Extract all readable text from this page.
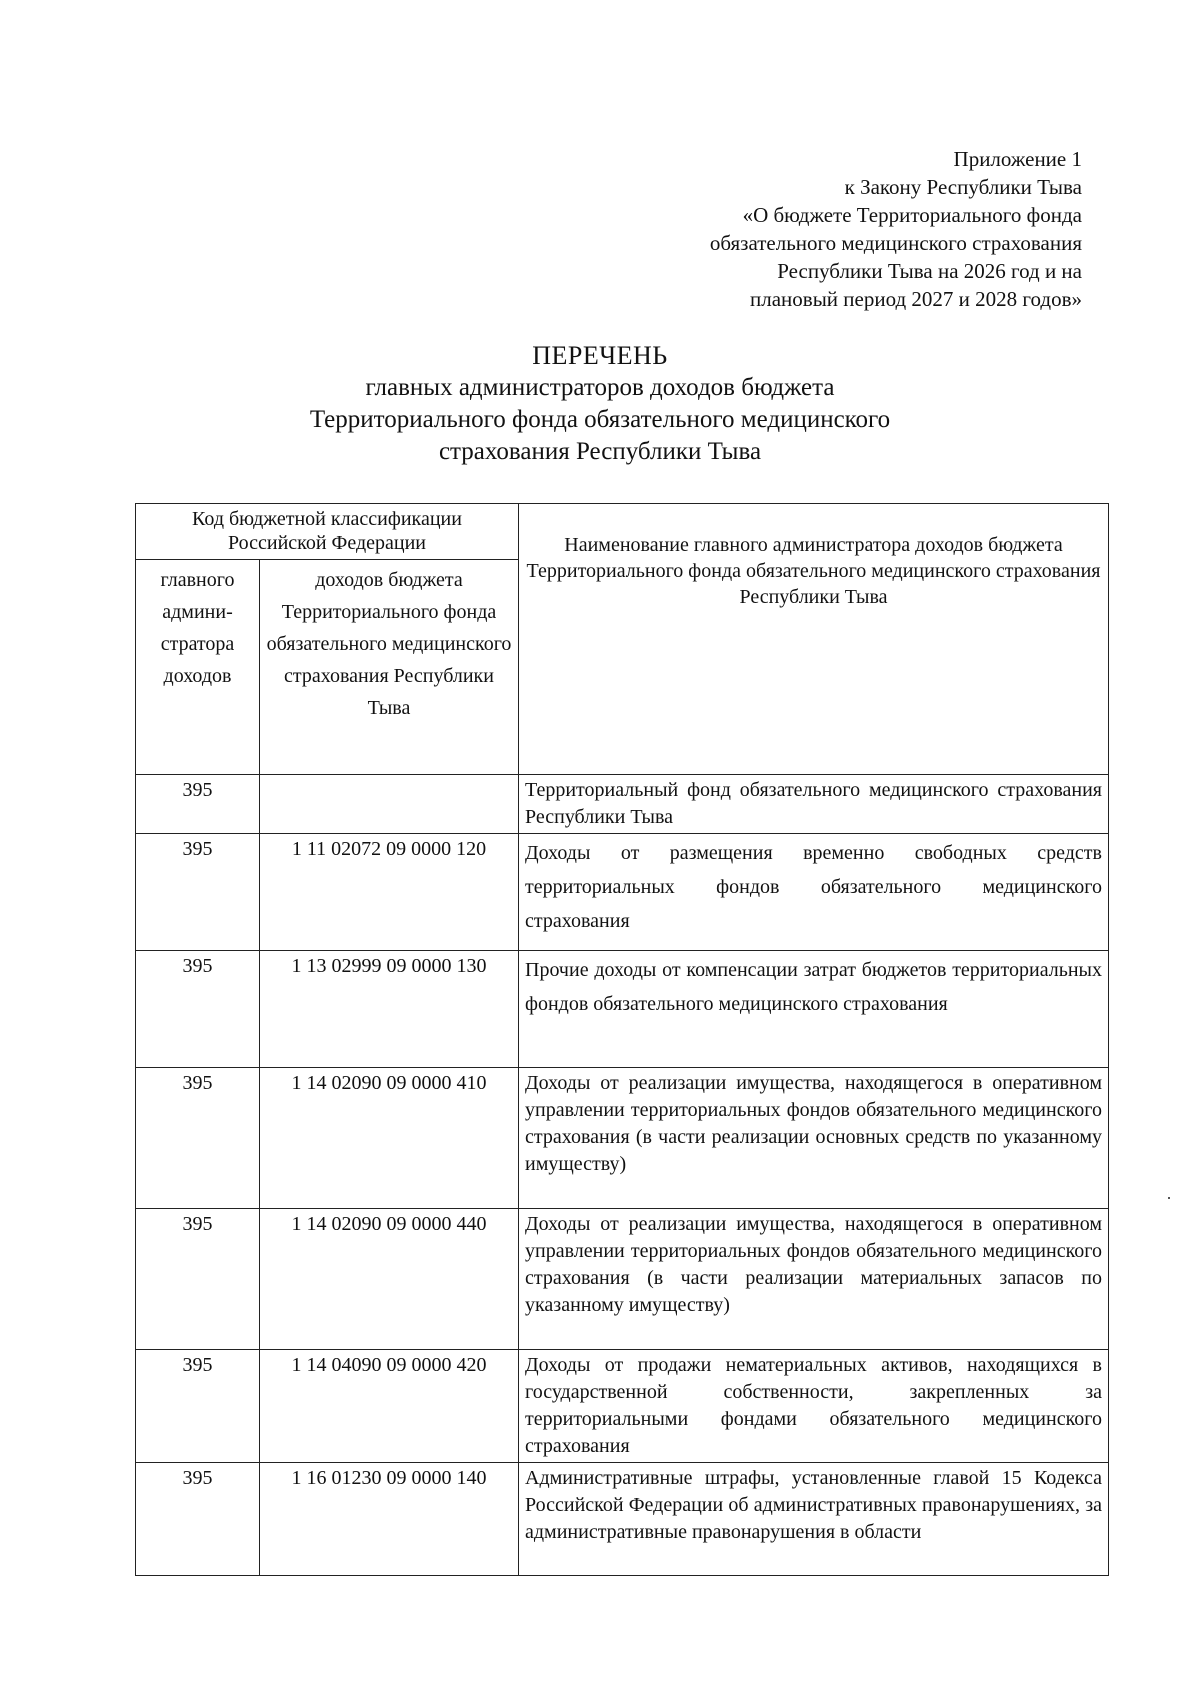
Приложение 1
к Закону Республики Тыва
«О бюджете Территориального фонда
обязательного медицинского страхования
Республики Тыва на 2026 год и на
плановый период 2027 и 2028 годов»
ПЕРЕЧЕНЬ
главных администраторов доходов бюджета
Территориального фонда обязательного медицинского
страхования Республики Тыва
Код бюджетной классификации Российской Федерации		Наименование главного администратора доходов бюджета Территориального фонда обязательного медицинского страхования Республики Тыва
главного админи-стратора доходов	доходов бюджета Территориального фонда обязательного медицинского страхования Республики Тыва	
395		Территориальный фонд обязательного медицинского страхования Республики Тыва
395	1 11 02072 09 0000 120	Доходы от размещения временно свободных средств территориальных фондов обязательного медицинского страхования
395	1 13 02999 09 0000 130	Прочие доходы от компенсации затрат бюджетов территориальных фондов обязательного медицинского страхования
395	1 14 02090 09 0000 410	Доходы от реализации имущества, находящегося в оперативном управлении территориальных фондов обязательного медицинского страхования (в части реализации основных средств по указанному имуществу)
395	1 14 02090 09 0000 440	Доходы от реализации имущества, находящегося в оперативном управлении территориальных фондов обязательного медицинского страхования (в части реализации материальных запасов по указанному имуществу)
395	1 14 04090 09 0000 420	Доходы от продажи нематериальных активов, находящихся в государственной собственности, закрепленных за территориальными фондами обязательного медицинского страхования
395	1 16 01230 09 0000 140	Административные штрафы, установленные главой 15 Кодекса Российской Федерации об административных правонарушениях, за административные правонарушения в области
